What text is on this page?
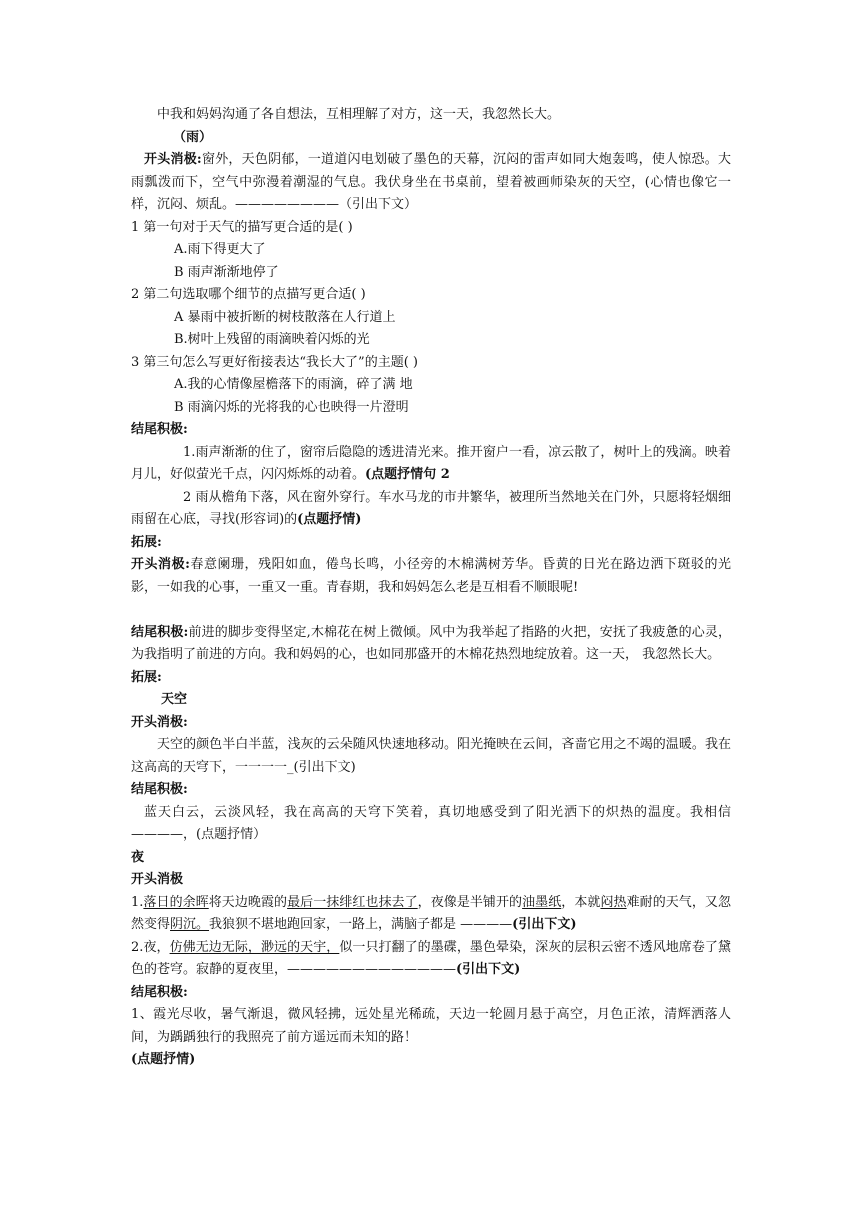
中我和妈妈沟通了各自想法，互相理解了对方，这一天，我忽然长大。

（雨）

开头消极:窗外，天色阴郁，一道道闪电划破了墨色的天幕，沉闷的雷声如同大炮轰鸣，使人惊恐。大雨瓢泼而下，空气中弥漫着潮湿的气息。我伏身坐在书桌前，望着被画师染灰的天空，(心情也像它一样，沉闷、烦乱。————————（引出下文）

1 第一句对于天气的描写更合适的是( )

A.雨下得更大了

B 雨声渐渐地停了

2 第二句选取哪个细节的点描写更合适( )

A 暴雨中被折断的树枝散落在人行道上

B.树叶上残留的雨滴映着闪烁的光

3 第三句怎么写更好衔接表达“我长大了”的主题( )

A.我的心情像屋檐落下的雨滴，碎了满 地

B 雨滴闪烁的光将我的心也映得一片澄明

结尾积极:

1.雨声渐渐的住了，窗帘后隐隐的透进清光来。推开窗户一看，凉云散了，树叶上的残滴。映着月儿，好似萤光千点，闪闪烁烁的动着。(点题抒情句 2

2 雨从檐角下落，风在窗外穿行。车水马龙的市井繁华，被理所当然地关在门外，只愿将轻烟细雨留在心底，寻找(形容词)的(点题抒情)

拓展:

开头消极:春意阑珊，残阳如血，倦鸟长鸣，小径旁的木棉满树芳华。昏黄的日光在路边洒下斑驳的光影，一如我的心事，一重又一重。青春期，我和妈妈怎么老是互相看不顺眼呢!

结尾积极:前进的脚步变得坚定,木棉花在树上微倾。风中为我举起了指路的火把，安抚了我疲惫的心灵，为我指明了前进的方向。我和妈妈的心，也如同那盛开的木棉花热烈地绽放着。这一天， 我忽然长大。

拓展:

天空

开头消极:

天空的颜色半白半蓝，浅灰的云朵随风快速地移动。阳光掩映在云间，吝啬它用之不竭的温暖。我在这高高的天穹下，一一一一_(引出下文)

结尾积极:

蓝天白云，云淡风轻，我在高高的天穹下笑着，真切地感受到了阳光洒下的炽热的温度。我相信————，(点题抒情）

夜

开头消极

1.落日的余晖将天边晚霞的最后一抹绯红也抹去了，夜像是半铺开的油墨纸，本就闷热难耐的天气，又忽然变得阴沉。我狼狈不堪地跑回家，一路上，满脑子都是 ————(引出下文)

2.夜，仿佛无边无际，渺远的天宇，似一只打翻了的墨碟，墨色晕染，深灰的层积云密不透风地席卷了黛色的苍穹。寂静的夏夜里，—————————————(引出下文)

结尾积极:

1、霞光尽收，暑气渐退，微风轻拂，远处星光稀疏，天边一轮圆月悬于高空，月色正浓，清辉洒落人间，为踽踽独行的我照亮了前方遥远而未知的路！

(点题抒情)
